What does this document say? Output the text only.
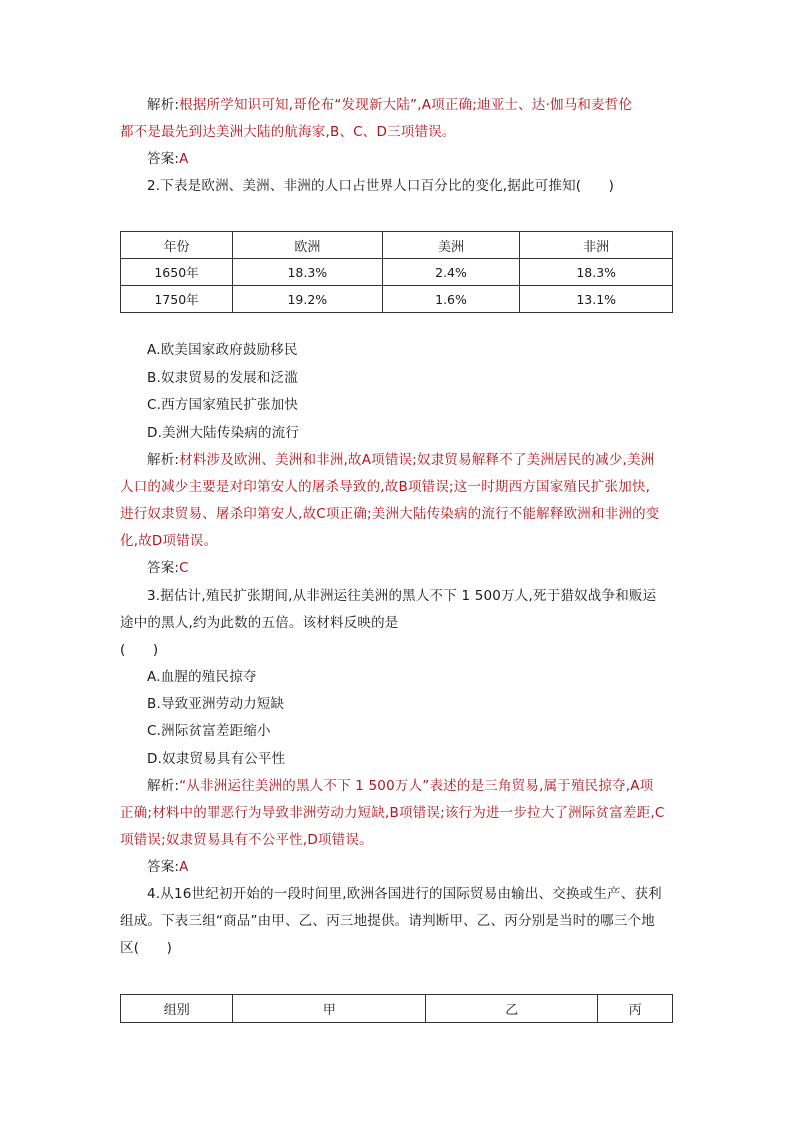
解析:根据所学知识可知,哥伦布“发现新大陆”,A项正确;迪亚士、达·伽马和麦哲伦
都不是最先到达美洲大陆的航海家,B、C、D三项错误。
答案:A
2.下表是欧洲、美洲、非洲的人口占世界人口百分比的变化,据此可推知(　　)
年份	欧洲	美洲	非洲
1650年	18.3%	2.4%	18.3%
1750年	19.2%	1.6%	13.1%
A.欧美国家政府鼓励移民
B.奴隶贸易的发展和泛滥
C.西方国家殖民扩张加快
D.美洲大陆传染病的流行
解析:材料涉及欧洲、美洲和非洲,故A项错误;奴隶贸易解释不了美洲居民的减少,美洲
人口的减少主要是对印第安人的屠杀导致的,故B项错误;这一时期西方国家殖民扩张加快,
进行奴隶贸易、屠杀印第安人,故C项正确;美洲大陆传染病的流行不能解释欧洲和非洲的变
化,故D项错误。
答案:C
3.据估计,殖民扩张期间,从非洲运往美洲的黑人不下 1 500万人,死于猎奴战争和贩运
途中的黑人,约为此数的五倍。该材料反映的是
(　　)
A.血腥的殖民掠夺
B.导致亚洲劳动力短缺
C.洲际贫富差距缩小
D.奴隶贸易具有公平性
解析:“从非洲运往美洲的黑人不下 1 500万人”表述的是三角贸易,属于殖民掠夺,A项
正确;材料中的罪恶行为导致非洲劳动力短缺,B项错误;该行为进一步拉大了洲际贫富差距,C
项错误;奴隶贸易具有不公平性,D项错误。
答案:A
4.从16世纪初开始的一段时间里,欧洲各国进行的国际贸易由输出、交换或生产、获利
组成。下表三组“商品”由甲、乙、丙三地提供。请判断甲、乙、丙分别是当时的哪三个地
区(　　)
组别	甲	乙	丙
